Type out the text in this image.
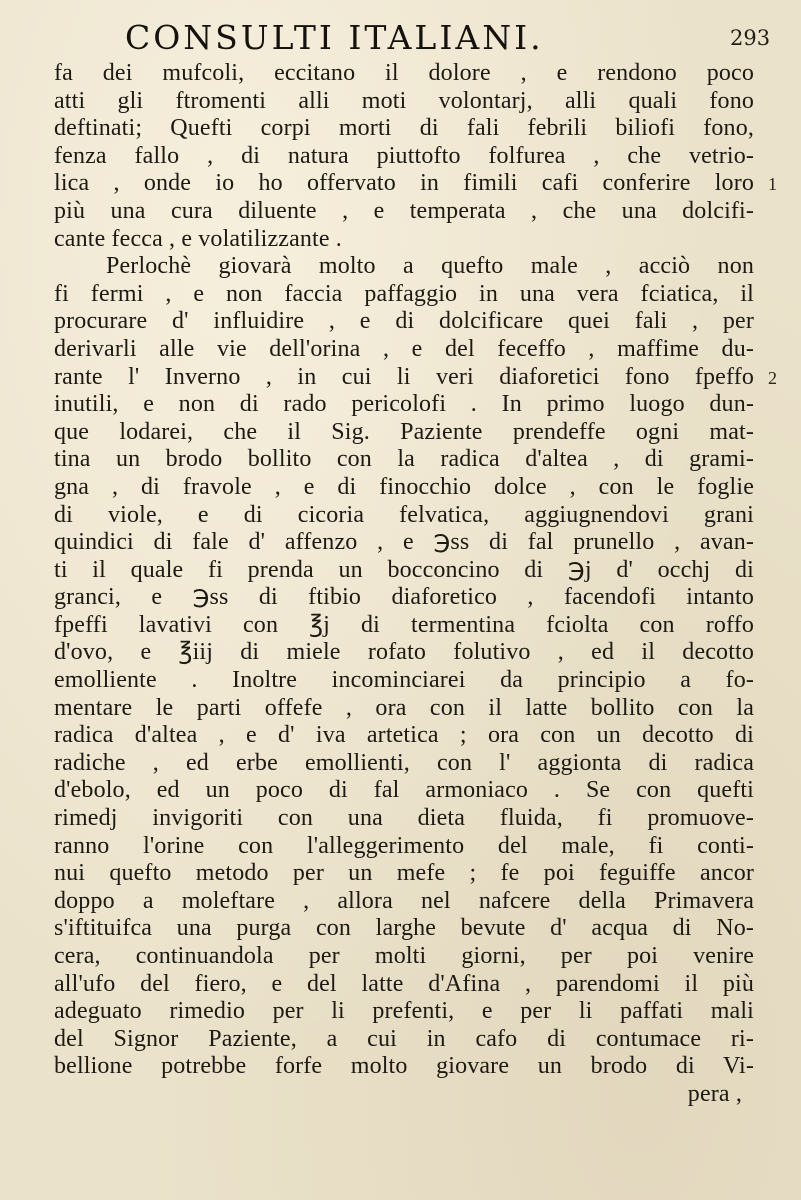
CONSULTI ITALIANI.	293
fa dei mufcoli, eccitano il dolore , e rendono poco
atti gli ftromenti alli moti volontarj, alli quali fono
deftinati; Quefti corpi morti di fali febrili biliofi fono,
fenza fallo , di natura piuttofto folfurea , che vetrio-
lica , onde io ho offervato in fimili cafi conferire loro
più una cura diluente , e temperata , che una dolcifi-
cante fecca , e volatilizzante .
Perlochè giovarà molto a quefto male , acciò non
fi fermi , e non faccia paffaggio in una vera fciatica, il
procurare d' influidire , e di dolcificare quei fali , per
derivarli alle vie dell'orina , e del feceffo , maffime du-
rante l' Inverno , in cui li veri diaforetici fono fpeffo
inutili, e non di rado pericolofi . In primo luogo dun-
que lodarei, che il Sig. Paziente prendeffe ogni mat-
tina un brodo bollito con la radica d'altea , di grami-
gna , di fravole , e di finocchio dolce , con le foglie
di viole, e di cicoria felvatica, aggiugnendovi grani
quindici di fale d' affenzo , e ℈ss di fal prunello , avan-
ti il quale fi prenda un bocconcino di ℈j d' occhj di
granci, e ℈ss di ftibio diaforetico , facendofi intanto
fpeffi lavativi con ℥j di termentina fciolta con roffo
d'ovo, e ℥iij di miele rofato folutivo , ed il decotto
emolliente . Inoltre incominciarei da principio a fo-
mentare le parti offefe , ora con il latte bollito con la
radica d'altea , e d' iva artetica ; ora con un decotto di
radiche , ed erbe emollienti, con l' aggionta di radica
d'ebolo, ed un poco di fal armoniaco . Se con quefti
rimedj invigoriti con una dieta fluida, fi promuove-
ranno l'orine con l'alleggerimento del male, fi conti-
nui quefto metodo per un mefe ; fe poi feguiffe ancor
doppo a moleftare , allora nel nafcere della Primavera
s'iftituifca una purga con larghe bevute d' acqua di No-
cera, continuandola per molti giorni, per poi venire
all'ufo del fiero, e del latte d'Afina , parendomi il più
adeguato rimedio per li prefenti, e per li paffati mali
del Signor Paziente, a cui in cafo di contumace ri-
bellione potrebbe forfe molto giovare un brodo di Vi-
pera ,
1
2
